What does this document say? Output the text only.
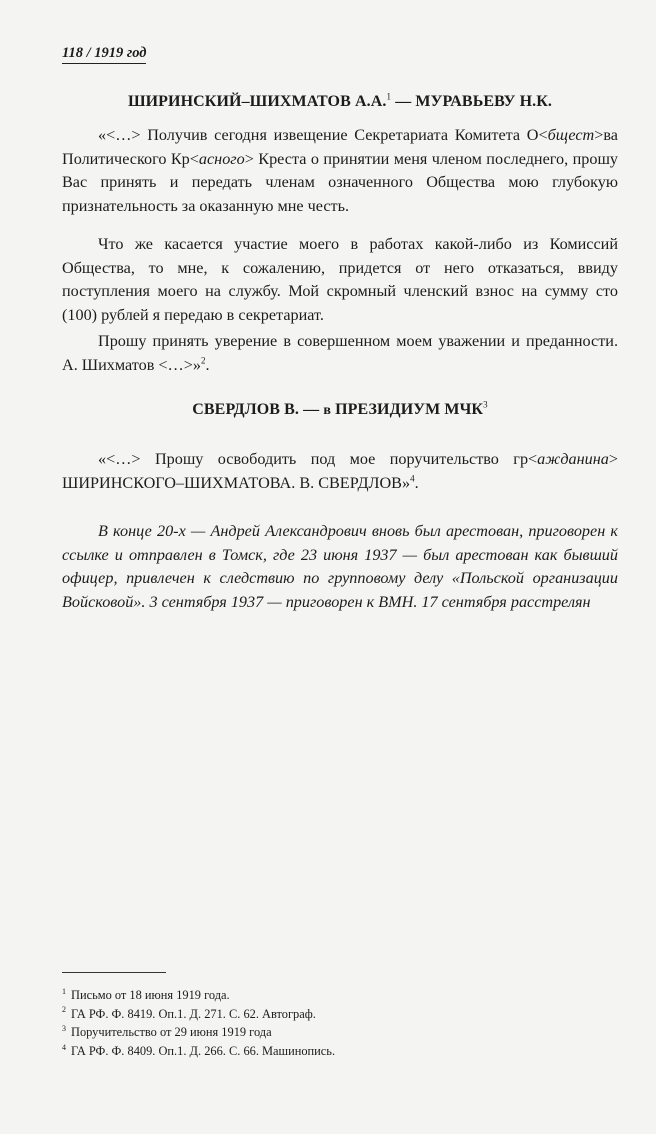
118 / 1919 год
ШИРИНСКИЙ–ШИХМАТОВ А.А.$^1$ — МУРАВЬЕВУ Н.К.

«<…> Получив сегодня извещение Секретариата Комитета О<бщест>ва Политического Кр<асного> Креста о принятии меня членом последнего, прошу Вас принять и передать членам означенного Общества мою глубокую признательность за оказанную мне честь.

Что же касается участие моего в работах какой-либо из Комиссий Общества, то мне, к сожалению, придется от него отказаться, ввиду поступления моего на службу. Мой скромный членский взнос на сумму сто (100) рублей я передаю в секретариат.

Прошу принять уверение в совершенном моем уважении и преданности. А. Шихматов <…>»$^2$.

СВЕРДЛОВ В. — в ПРЕЗИДИУМ МЧК$^3$

«<…> Прошу освободить под мое поручительство гр<ажданина> ШИРИНСКОГО–ШИХМАТОВА. В. СВЕРДЛОВ»$^4$.

В конце 20-х — Андрей Александрович вновь был арестован, приговорен к ссылке и отправлен в Томск, где 23 июня 1937 — был арестован как бывший офицер, привлечен к следствию по групповому делу «Польской организации Войсковой». 3 сентября 1937 — приговорен к ВМН. 17 сентября расстрелян

$^1$ Письмо от 18 июня 1919 года.
$^2$ ГА РФ. Ф. 8419. Оп.1. Д. 271. С. 62. Автограф.
$^3$ Поручительство от 29 июня 1919 года
$^4$ ГА РФ. Ф. 8409. Оп.1. Д. 266. С. 66. Машинопись.
